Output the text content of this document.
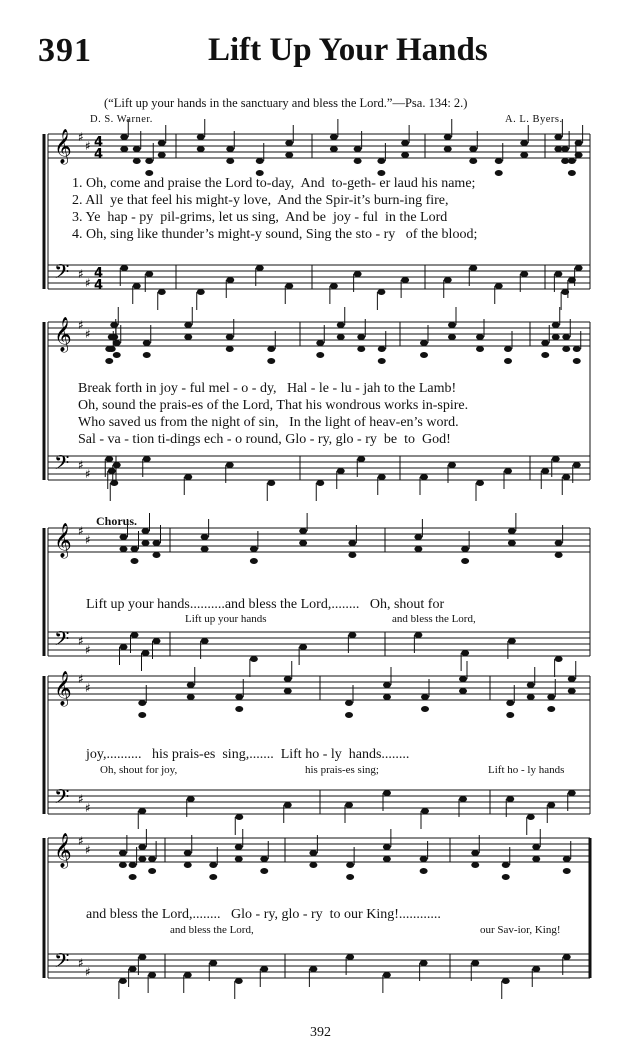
391	Lift Up Your Hands
(“Lift up your hands in the sanctuary and bless the Lord.”—Psa. 134: 2.)
D. S. Warner.	A. L. Byers.
𝄞
𝄢
♯
♯
♯
♯
4
4
4
4
𝄞
𝄢
♯
♯
♯
♯
𝄞
𝄢
♯
♯
♯
♯
𝄞
𝄢
♯
♯
♯
♯
𝄞
𝄢
♯
♯
♯
♯
1. Oh, come and praise the Lord to-day,  And  to-geth- er laud his name;
2. All  ye that feel his might-y love,  And the Spir-it’s burn-ing fire,
3. Ye  hap - py  pil-grims, let us sing,  And be  joy - ful  in the Lord
4. Oh, sing like thunder’s might-y sound, Sing the sto - ry   of the blood;
Break forth in joy - ful mel - o - dy,   Hal - le - lu - jah to the Lamb!
Oh, sound the prais-es of the Lord, That his wondrous works in-spire.
Who saved us from the night of sin,   In the light of heav-en’s word.
Sal - va - tion ti-dings ech - o round, Glo - ry, glo - ry  be  to  God!
Chorus.
Lift up your hands..........and bless the Lord,........   Oh, shout for
Lift up your hands	and bless the Lord,
joy,..........   his prais-es  sing,.......  Lift ho - ly  hands........
Oh, shout for joy,	his prais-es sing;	Lift ho - ly hands
and bless the Lord,........   Glo - ry, glo - ry  to our King!............
and bless the Lord,	our Sav-ior, King!
392
